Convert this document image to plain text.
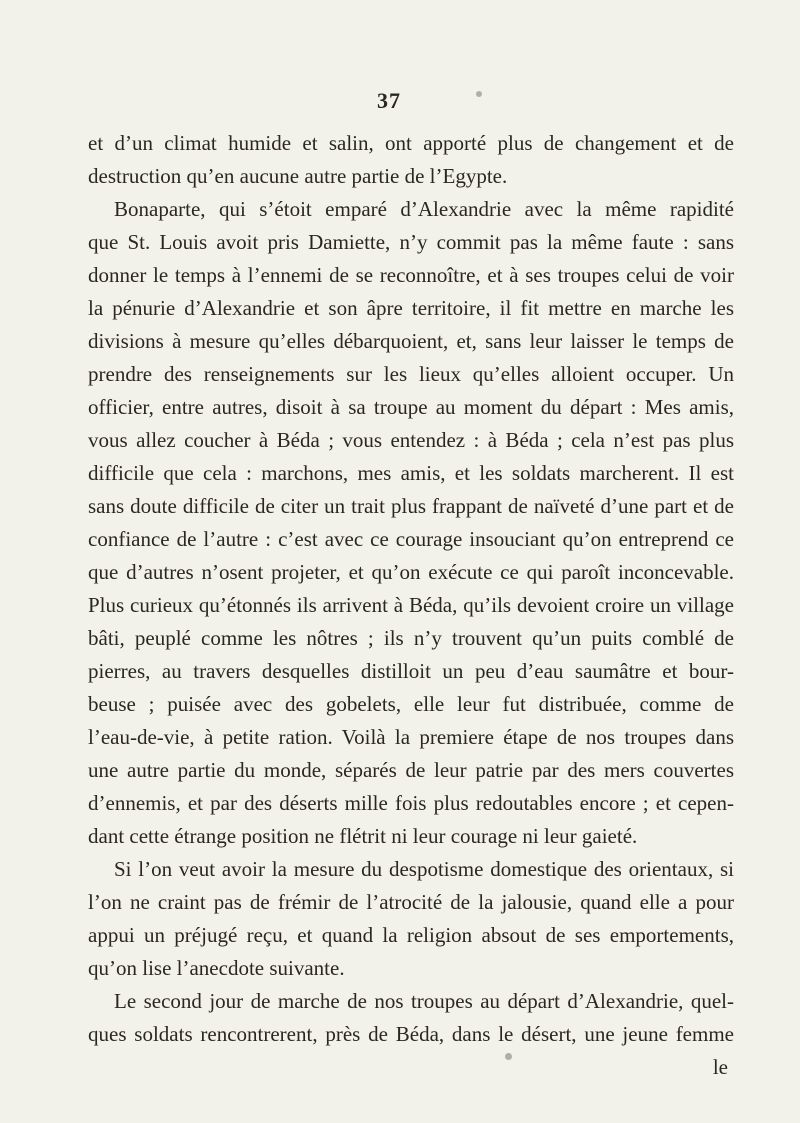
37
et d’un climat humide et salin, ont apporté plus de changement et de
destruction qu’en aucune autre partie de l’Egypte.
Bonaparte, qui s’étoit emparé d’Alexandrie avec la même rapidité
que St. Louis avoit pris Damiette, n’y commit pas la même faute : sans
donner le temps à l’ennemi de se reconnoître, et à ses troupes celui de voir
la pénurie d’Alexandrie et son âpre territoire, il fit mettre en marche les
divisions à mesure qu’elles débarquoient, et, sans leur laisser le temps de
prendre des renseignements sur les lieux qu’elles alloient occuper. Un
officier, entre autres, disoit à sa troupe au moment du départ : Mes amis,
vous allez coucher à Béda ; vous entendez : à Béda ; cela n’est pas plus
difficile que cela : marchons, mes amis, et les soldats marcherent. Il est
sans doute difficile de citer un trait plus frappant de naïveté d’une part et de
confiance de l’autre : c’est avec ce courage insouciant qu’on entreprend ce
que d’autres n’osent projeter, et qu’on exécute ce qui paroît inconcevable.
Plus curieux qu’étonnés ils arrivent à Béda, qu’ils devoient croire un village
bâti, peuplé comme les nôtres ; ils n’y trouvent qu’un puits comblé de
pierres, au travers desquelles distilloit un peu d’eau saumâtre et bour-
beuse ; puisée avec des gobelets, elle leur fut distribuée, comme de
l’eau-de-vie, à petite ration. Voilà la premiere étape de nos troupes dans
une autre partie du monde, séparés de leur patrie par des mers couvertes
d’ennemis, et par des déserts mille fois plus redoutables encore ; et cepen-
dant cette étrange position ne flétrit ni leur courage ni leur gaieté.
Si l’on veut avoir la mesure du despotisme domestique des orientaux, si
l’on ne craint pas de frémir de l’atrocité de la jalousie, quand elle a pour
appui un préjugé reçu, et quand la religion absout de ses emportements,
qu’on lise l’anecdote suivante.
Le second jour de marche de nos troupes au départ d’Alexandrie, quel-
ques soldats rencontrerent, près de Béda, dans le désert, une jeune femme
le
